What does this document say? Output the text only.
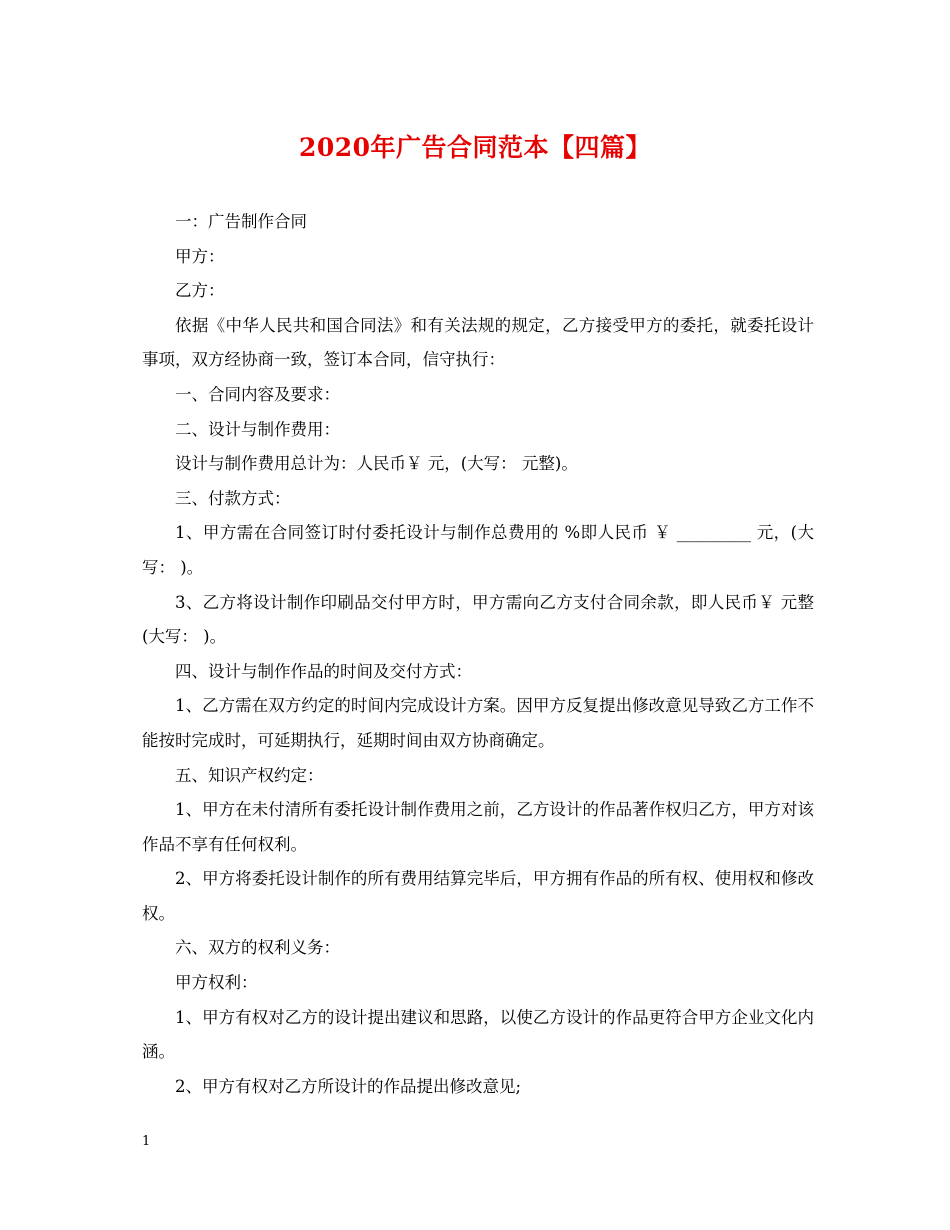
2020年广告合同范本【四篇】

一：广告制作合同

甲方：

乙方：

依据《中华人民共和国合同法》和有关法规的规定，乙方接受甲方的委托，就委托设计事项，双方经协商一致，签订本合同，信守执行：

一、合同内容及要求：

二、设计与制作费用：

设计与制作费用总计为：人民币￥ 元，(大写： 元整)。

三、付款方式：

1、甲方需在合同签订时付委托设计与制作总费用的 %即人民币 ￥ _________ 元，(大写： )。

3、乙方将设计制作印刷品交付甲方时，甲方需向乙方支付合同余款，即人民币￥ 元整(大写： )。

四、设计与制作作品的时间及交付方式：

1、乙方需在双方约定的时间内完成设计方案。因甲方反复提出修改意见导致乙方工作不能按时完成时，可延期执行，延期时间由双方协商确定。

五、知识产权约定：

1、甲方在未付清所有委托设计制作费用之前，乙方设计的作品著作权归乙方，甲方对该作品不享有任何权利。

2、甲方将委托设计制作的所有费用结算完毕后，甲方拥有作品的所有权、使用权和修改权。

六、双方的权利义务：

甲方权利：

1、甲方有权对乙方的设计提出建议和思路，以使乙方设计的作品更符合甲方企业文化内涵。

2、甲方有权对乙方所设计的作品提出修改意见;

1
